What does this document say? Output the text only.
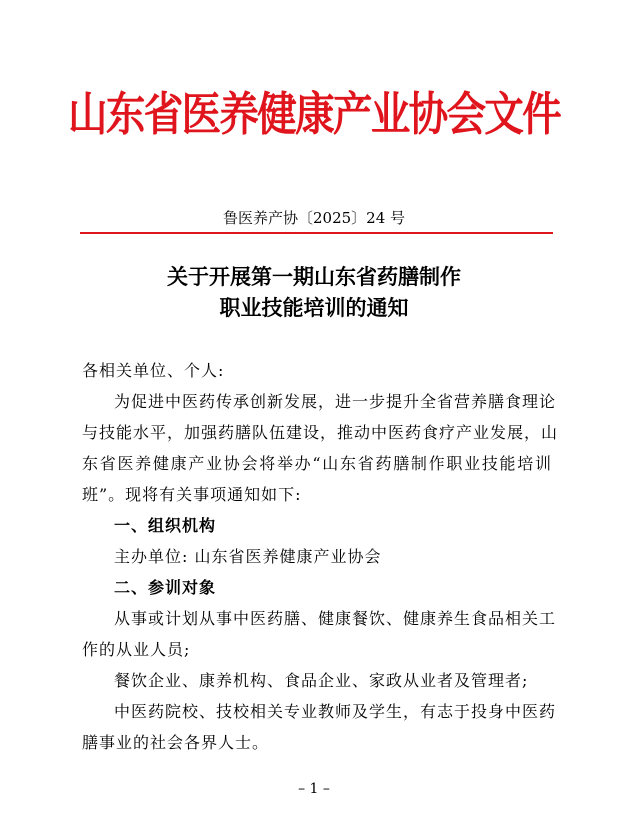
山东省医养健康产业协会文件
鲁医养产协〔2025〕24 号
关于开展第一期山东省药膳制作
职业技能培训的通知
各相关单位、个人:
为促进中医药传承创新发展，进一步提升全省营养膳食理论
与技能水平，加强药膳队伍建设，推动中医药食疗产业发展，山
东省医养健康产业协会将举办“山东省药膳制作职业技能培训
班”。现将有关事项通知如下:
一、组织机构
主办单位: 山东省医养健康产业协会
二、参训对象
从事或计划从事中医药膳、健康餐饮、健康养生食品相关工
作的从业人员;
餐饮企业、康养机构、食品企业、家政从业者及管理者;
中医药院校、技校相关专业教师及学生，有志于投身中医药
膳事业的社会各界人士。
– 1 –
